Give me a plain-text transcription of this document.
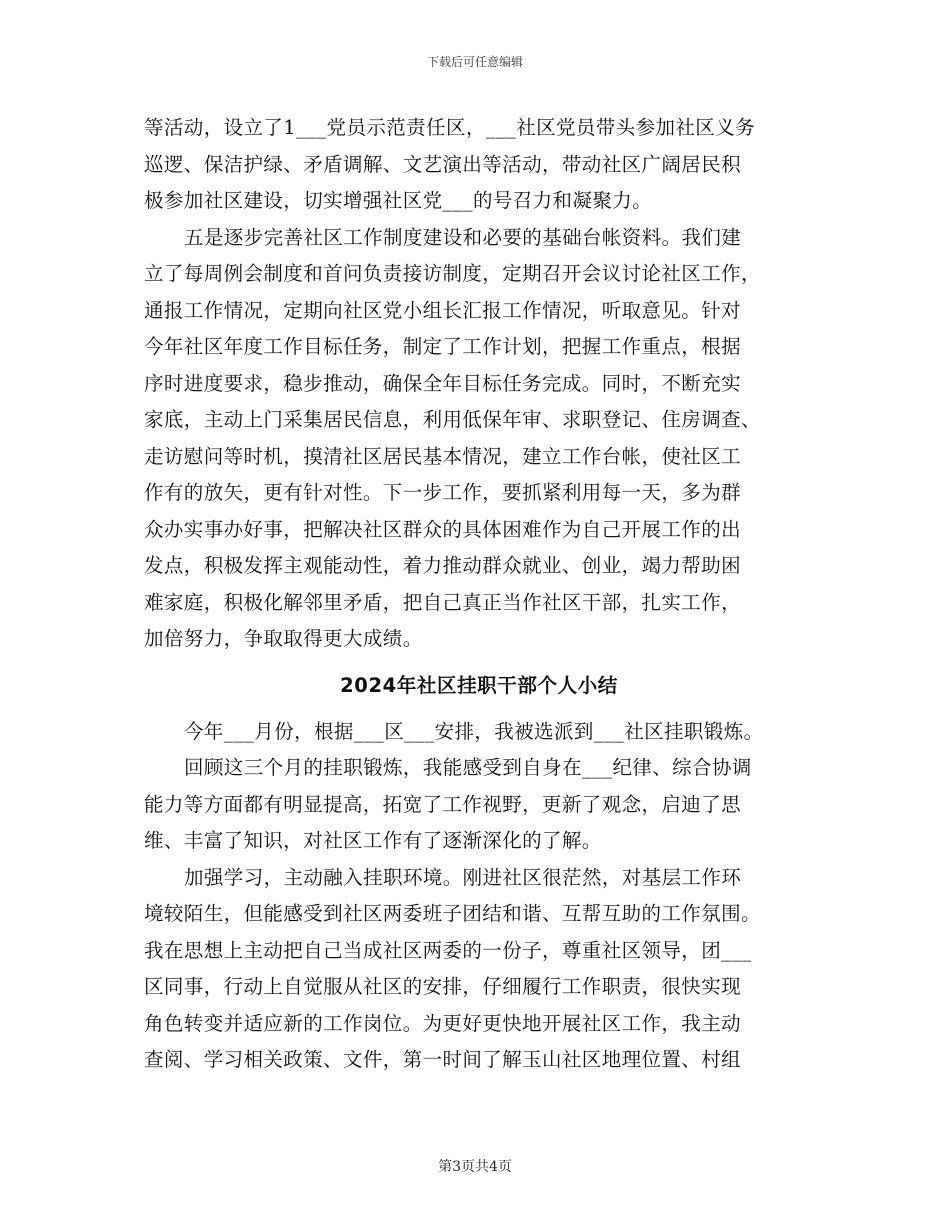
下载后可任意编辑
等活动，设立了1___党员示范责任区，___社区党员带头参加社区义务
巡逻、保洁护绿、矛盾调解、文艺演出等活动，带动社区广阔居民积
极参加社区建设，切实增强社区党___的号召力和凝聚力。
五是逐步完善社区工作制度建设和必要的基础台帐资料。我们建
立了每周例会制度和首问负责接访制度，定期召开会议讨论社区工作，
通报工作情况，定期向社区党小组长汇报工作情况，听取意见。针对
今年社区年度工作目标任务，制定了工作计划，把握工作重点，根据
序时进度要求，稳步推动，确保全年目标任务完成。同时，不断充实
家底，主动上门采集居民信息，利用低保年审、求职登记、住房调查、
走访慰问等时机，摸清社区居民基本情况，建立工作台帐，使社区工
作有的放矢，更有针对性。下一步工作，要抓紧利用每一天，多为群
众办实事办好事，把解决社区群众的具体困难作为自己开展工作的出
发点，积极发挥主观能动性，着力推动群众就业、创业，竭力帮助困
难家庭，积极化解邻里矛盾，把自己真正当作社区干部，扎实工作，
加倍努力，争取取得更大成绩。
2024年社区挂职干部个人小结
今年___月份，根据___区___安排，我被选派到___社区挂职锻炼。
回顾这三个月的挂职锻炼，我能感受到自身在___纪律、综合协调
能力等方面都有明显提高，拓宽了工作视野，更新了观念，启迪了思
维、丰富了知识，对社区工作有了逐渐深化的了解。
加强学习，主动融入挂职环境。刚进社区很茫然，对基层工作环
境较陌生，但能感受到社区两委班子团结和谐、互帮互助的工作氛围。
我在思想上主动把自己当成社区两委的一份子，尊重社区领导，团___
区同事，行动上自觉服从社区的安排，仔细履行工作职责，很快实现
角色转变并适应新的工作岗位。为更好更快地开展社区工作，我主动
查阅、学习相关政策、文件，第一时间了解玉山社区地理位置、村组
第3页共4页
